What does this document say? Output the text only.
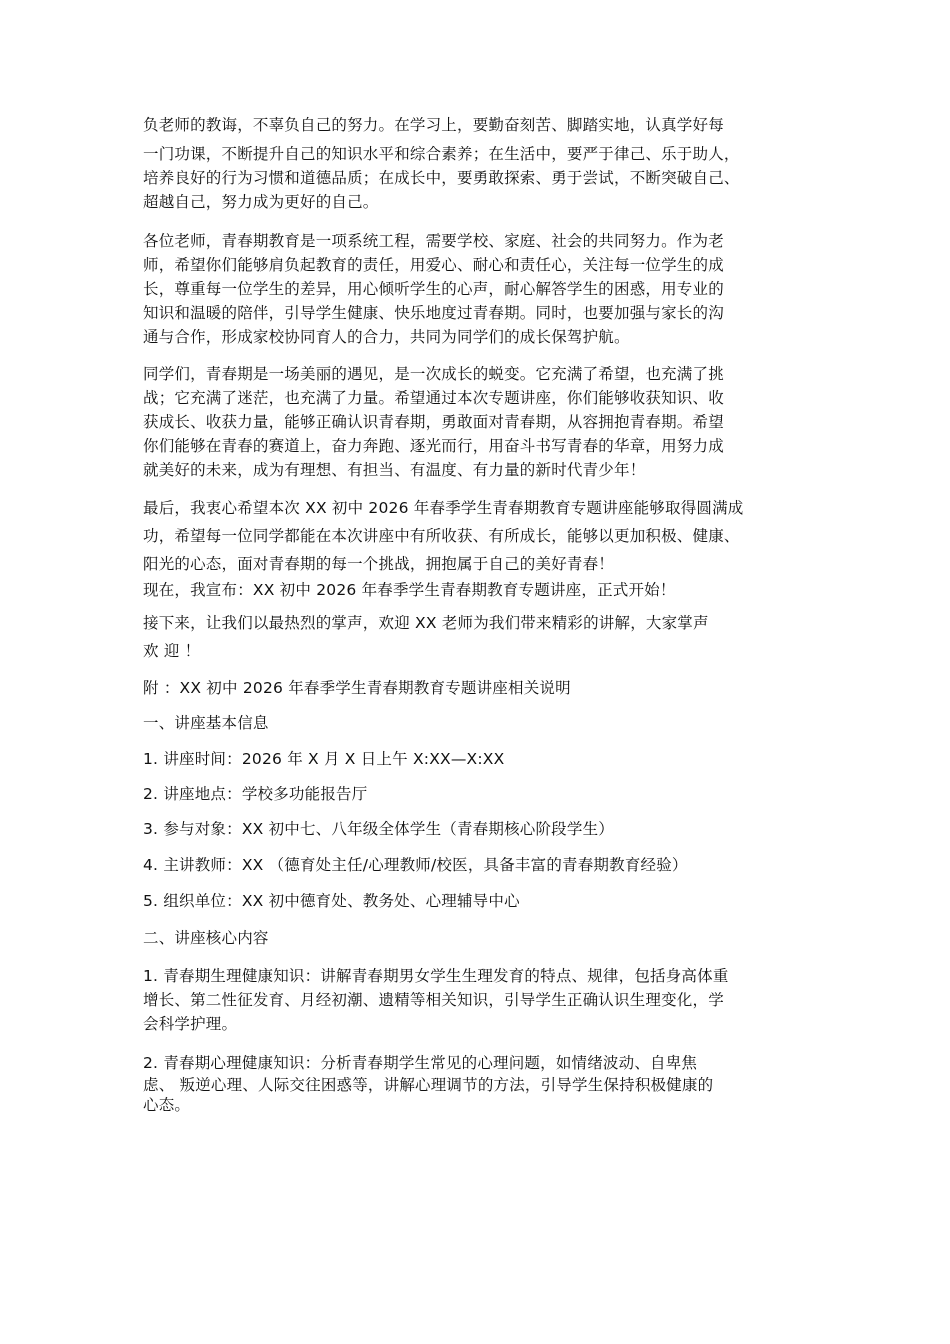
负老师的教诲，不辜负自己的努力。在学习上，要勤奋刻苦、脚踏实地，认真学好每
一门功课，不断提升自己的知识水平和综合素养；在生活中，要严于律己、乐于助人，
培养良好的行为习惯和道德品质；在成长中，要勇敢探索、勇于尝试，不断突破自己、
超越自己，努力成为更好的自己。
各位老师，青春期教育是一项系统工程，需要学校、家庭、社会的共同努力。作为老
师，希望你们能够肩负起教育的责任，用爱心、耐心和责任心，关注每一位学生的成
长，尊重每一位学生的差异，用心倾听学生的心声，耐心解答学生的困惑，用专业的
知识和温暖的陪伴，引导学生健康、快乐地度过青春期。同时，也要加强与家长的沟
通与合作，形成家校协同育人的合力，共同为同学们的成长保驾护航。
同学们，青春期是一场美丽的遇见，是一次成长的蜕变。它充满了希望，也充满了挑
战；它充满了迷茫，也充满了力量。希望通过本次专题讲座，你们能够收获知识、收
获成长、收获力量，能够正确认识青春期，勇敢面对青春期，从容拥抱青春期。希望
你们能够在青春的赛道上，奋力奔跑、逐光而行，用奋斗书写青春的华章，用努力成
就美好的未来，成为有理想、有担当、有温度、有力量的新时代青少年！
最后，我衷心希望本次 XX 初中 2026 年春季学生青春期教育专题讲座能够取得圆满成
功，希望每一位同学都能在本次讲座中有所收获、有所成长，能够以更加积极、健康、
阳光的心态，面对青春期的每一个挑战，拥抱属于自己的美好青春！
现在，我宣布：XX 初中 2026 年春季学生青春期教育专题讲座，正式开始！
接下来，让我们以最热烈的掌声，欢迎 XX 老师为我们带来精彩的讲解，大家掌声
欢 迎 ！
附 ：XX 初中 2026 年春季学生青春期教育专题讲座相关说明
一、讲座基本信息
1. 讲座时间：2026 年 X 月 X 日上午 X:XX—X:XX
2. 讲座地点：学校多功能报告厅
3. 参与对象：XX 初中七、八年级全体学生（青春期核心阶段学生）
4. 主讲教师：XX （德育处主任/心理教师/校医，具备丰富的青春期教育经验）
5. 组织单位：XX 初中德育处、教务处、心理辅导中心
二、讲座核心内容
1. 青春期生理健康知识：讲解青春期男女学生生理发育的特点、规律，包括身高体重
增长、第二性征发育、月经初潮、遗精等相关知识，引导学生正确认识生理变化，学
会科学护理。
2. 青春期心理健康知识：分析青春期学生常见的心理问题，如情绪波动、自卑焦
虑、 叛逆心理、人际交往困惑等，讲解心理调节的方法，引导学生保持积极健康的
心态。
